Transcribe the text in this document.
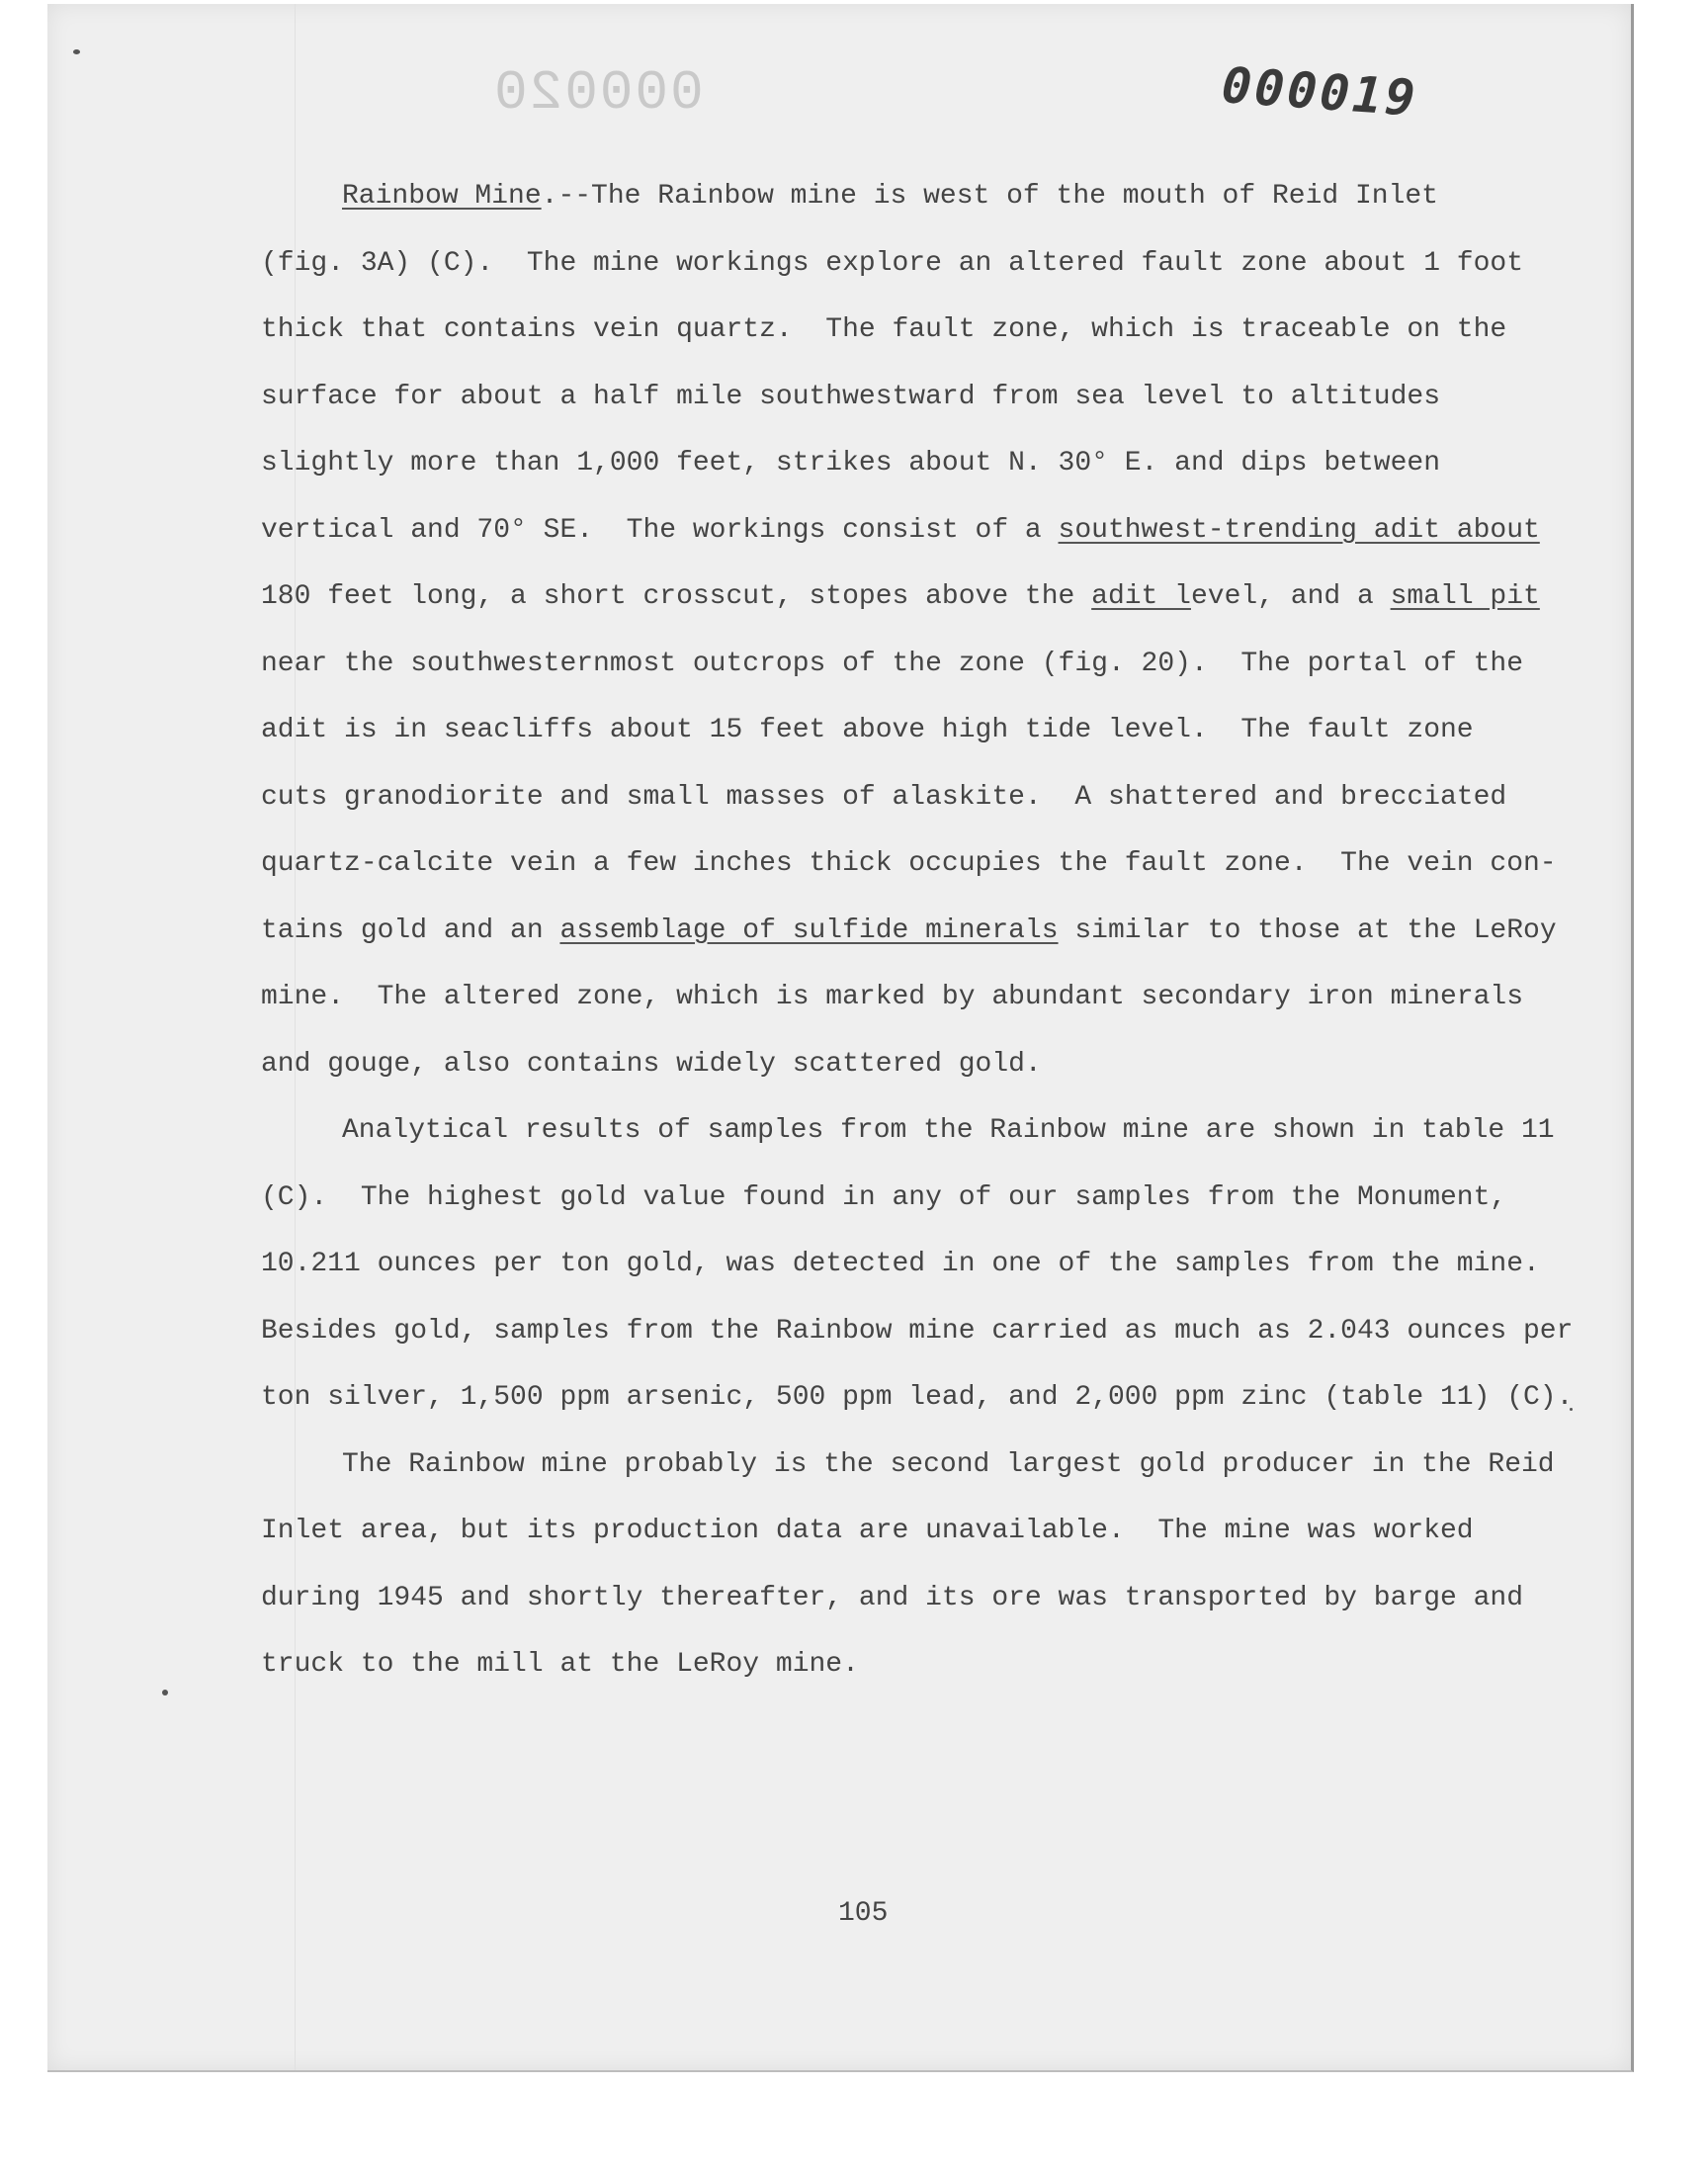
000020	000019
Rainbow Mine.--The Rainbow mine is west of the mouth of Reid Inlet
(fig. 3A) (C).  The mine workings explore an altered fault zone about 1 foot
thick that contains vein quartz.  The fault zone, which is traceable on the
surface for about a half mile southwestward from sea level to altitudes
slightly more than 1,000 feet, strikes about N. 30° E. and dips between
vertical and 70° SE.  The workings consist of a southwest-trending adit about
180 feet long, a short crosscut, stopes above the adit level, and a small pit
near the southwesternmost outcrops of the zone (fig. 20).  The portal of the
adit is in seacliffs about 15 feet above high tide level.  The fault zone
cuts granodiorite and small masses of alaskite.  A shattered and brecciated
quartz-calcite vein a few inches thick occupies the fault zone.  The vein con-
tains gold and an assemblage of sulfide minerals similar to those at the LeRoy
mine.  The altered zone, which is marked by abundant secondary iron minerals
and gouge, also contains widely scattered gold.
Analytical results of samples from the Rainbow mine are shown in table 11
(C).  The highest gold value found in any of our samples from the Monument,
10.211 ounces per ton gold, was detected in one of the samples from the mine.
Besides gold, samples from the Rainbow mine carried as much as 2.043 ounces per
ton silver, 1,500 ppm arsenic, 500 ppm lead, and 2,000 ppm zinc (table 11) (C).
The Rainbow mine probably is the second largest gold producer in the Reid
Inlet area, but its production data are unavailable.  The mine was worked
during 1945 and shortly thereafter, and its ore was transported by barge and
truck to the mill at the LeRoy mine.
105
